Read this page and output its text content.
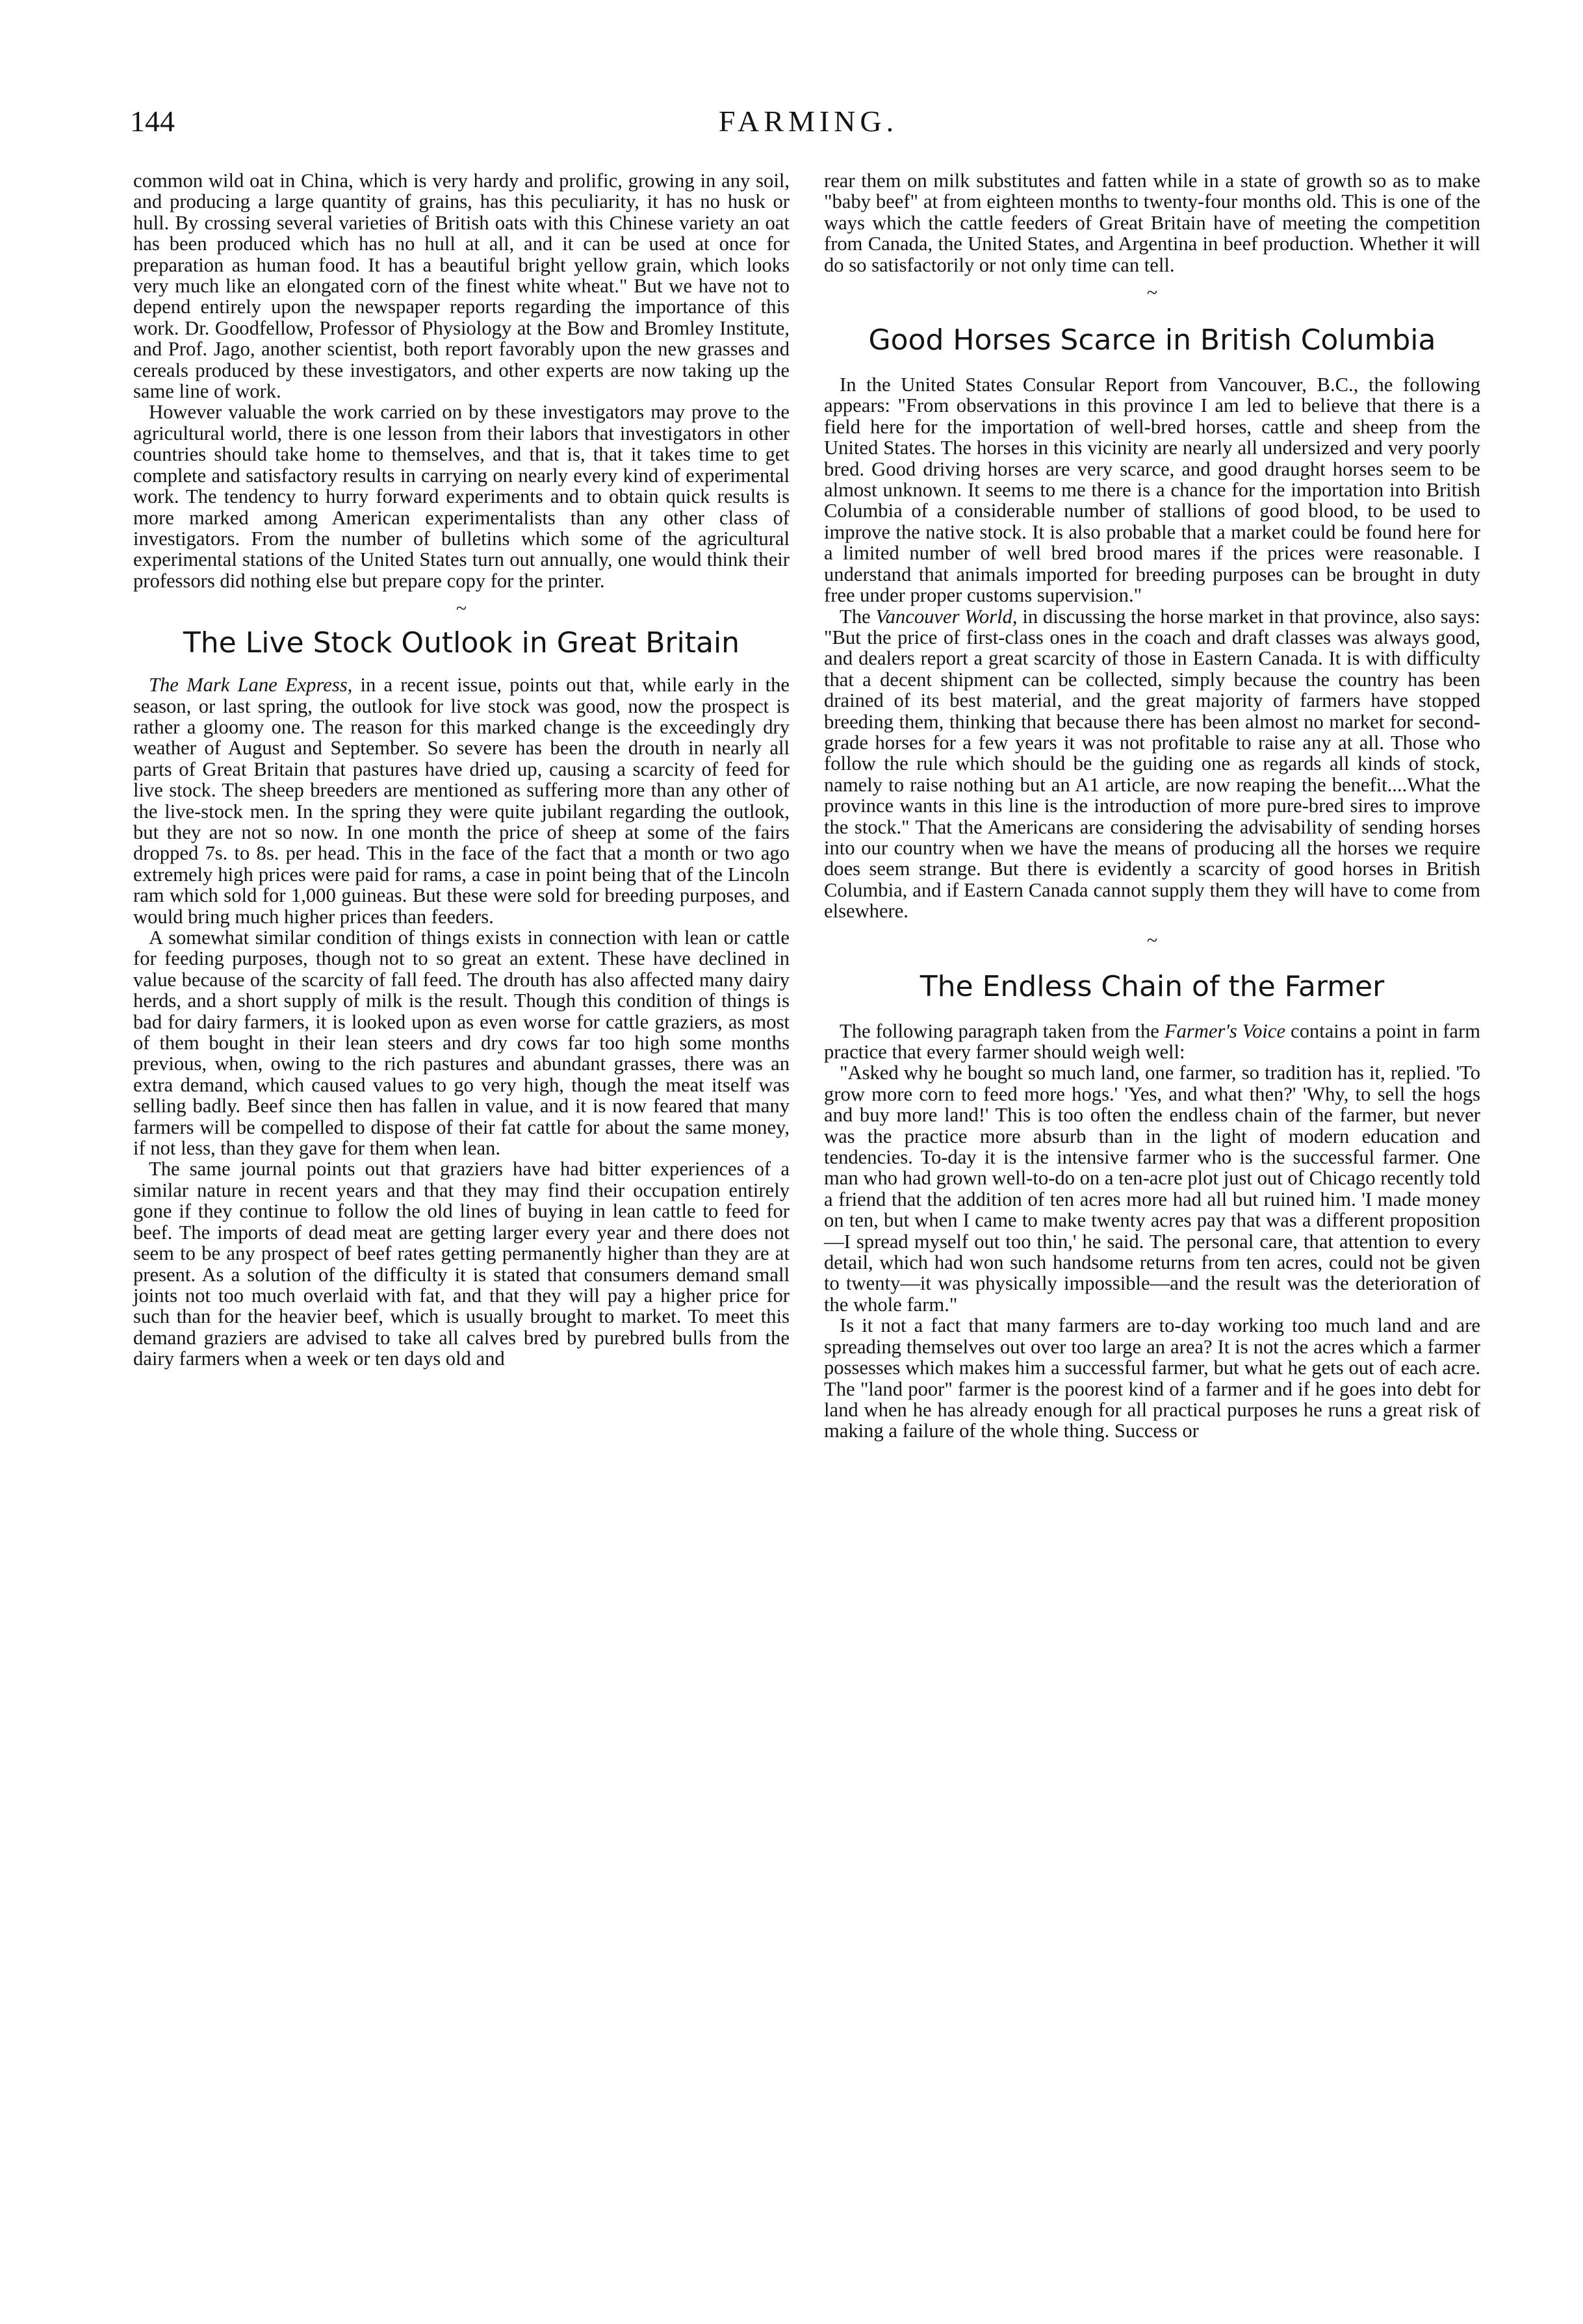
144	FARMING.

common wild oat in China, which is very hardy and prolific, growing in any soil, and producing a large quantity of grains, has this peculiarity, it has no husk or hull. By crossing several varieties of British oats with this Chinese variety an oat has been produced which has no hull at all, and it can be used at once for preparation as human food. It has a beautiful bright yellow grain, which looks very much like an elongated corn of the finest white wheat." But we have not to depend entirely upon the newspaper reports regarding the importance of this work. Dr. Goodfellow, Professor of Physiology at the Bow and Bromley Institute, and Prof. Jago, another scientist, both report favorably upon the new grasses and cereals produced by these investigators, and other experts are now taking up the same line of work.

However valuable the work carried on by these investigators may prove to the agricultural world, there is one lesson from their labors that investigators in other countries should take home to themselves, and that is, that it takes time to get complete and satisfactory results in carrying on nearly every kind of experimental work. The tendency to hurry forward experiments and to obtain quick results is more marked among American experimentalists than any other class of investigators. From the number of bulletins which some of the agricultural experimental stations of the United States turn out annually, one would think their professors did nothing else but prepare copy for the printer.

~
The Live Stock Outlook in Great Britain

The Mark Lane Express, in a recent issue, points out that, while early in the season, or last spring, the outlook for live stock was good, now the prospect is rather a gloomy one. The reason for this marked change is the exceedingly dry weather of August and September. So severe has been the drouth in nearly all parts of Great Britain that pastures have dried up, causing a scarcity of feed for live stock. The sheep breeders are mentioned as suffering more than any other of the live-stock men. In the spring they were quite jubilant regarding the outlook, but they are not so now. In one month the price of sheep at some of the fairs dropped 7s. to 8s. per head. This in the face of the fact that a month or two ago extremely high prices were paid for rams, a case in point being that of the Lincoln ram which sold for 1,000 guineas. But these were sold for breeding purposes, and would bring much higher prices than feeders.

A somewhat similar condition of things exists in connection with lean or cattle for feeding purposes, though not to so great an extent. These have declined in value because of the scarcity of fall feed. The drouth has also affected many dairy herds, and a short supply of milk is the result. Though this condition of things is bad for dairy farmers, it is looked upon as even worse for cattle graziers, as most of them bought in their lean steers and dry cows far too high some months previous, when, owing to the rich pastures and abundant grasses, there was an extra demand, which caused values to go very high, though the meat itself was selling badly. Beef since then has fallen in value, and it is now feared that many farmers will be compelled to dispose of their fat cattle for about the same money, if not less, than they gave for them when lean.

The same journal points out that graziers have had bitter experiences of a similar nature in recent years and that they may find their occupation entirely gone if they continue to follow the old lines of buying in lean cattle to feed for beef. The imports of dead meat are getting larger every year and there does not seem to be any prospect of beef rates getting permanently higher than they are at present. As a solution of the difficulty it is stated that consumers demand small joints not too much overlaid with fat, and that they will pay a higher price for such than for the heavier beef, which is usually brought to market. To meet this demand graziers are advised to take all calves bred by purebred bulls from the dairy farmers when a week or ten days old and

rear them on milk substitutes and fatten while in a state of growth so as to make "baby beef" at from eighteen months to twenty-four months old. This is one of the ways which the cattle feeders of Great Britain have of meeting the competition from Canada, the United States, and Argentina in beef production. Whether it will do so satisfactorily or not only time can tell.

~
Good Horses Scarce in British Columbia

In the United States Consular Report from Vancouver, B.C., the following appears: "From observations in this province I am led to believe that there is a field here for the importation of well-bred horses, cattle and sheep from the United States. The horses in this vicinity are nearly all undersized and very poorly bred. Good driving horses are very scarce, and good draught horses seem to be almost unknown. It seems to me there is a chance for the importation into British Columbia of a considerable number of stallions of good blood, to be used to improve the native stock. It is also probable that a market could be found here for a limited number of well bred brood mares if the prices were reasonable. I understand that animals imported for breeding purposes can be brought in duty free under proper customs supervision."

The Vancouver World, in discussing the horse market in that province, also says: "But the price of first-class ones in the coach and draft classes was always good, and dealers report a great scarcity of those in Eastern Canada. It is with difficulty that a decent shipment can be collected, simply because the country has been drained of its best material, and the great majority of farmers have stopped breeding them, thinking that because there has been almost no market for second-grade horses for a few years it was not profitable to raise any at all. Those who follow the rule which should be the guiding one as regards all kinds of stock, namely to raise nothing but an A1 article, are now reaping the benefit....What the province wants in this line is the introduction of more pure-bred sires to improve the stock." That the Americans are considering the advisability of sending horses into our country when we have the means of producing all the horses we require does seem strange. But there is evidently a scarcity of good horses in British Columbia, and if Eastern Canada cannot supply them they will have to come from elsewhere.

~
The Endless Chain of the Farmer

The following paragraph taken from the Farmer's Voice contains a point in farm practice that every farmer should weigh well:

"Asked why he bought so much land, one farmer, so tradition has it, replied. 'To grow more corn to feed more hogs.' 'Yes, and what then?' 'Why, to sell the hogs and buy more land!' This is too often the endless chain of the farmer, but never was the practice more absurb than in the light of modern education and tendencies. To-day it is the intensive farmer who is the successful farmer. One man who had grown well-to-do on a ten-acre plot just out of Chicago recently told a friend that the addition of ten acres more had all but ruined him. 'I made money on ten, but when I came to make twenty acres pay that was a different proposition—I spread myself out too thin,' he said. The personal care, that attention to every detail, which had won such handsome returns from ten acres, could not be given to twenty—it was physically impossible—and the result was the deterioration of the whole farm."

Is it not a fact that many farmers are to-day working too much land and are spreading themselves out over too large an area? It is not the acres which a farmer possesses which makes him a successful farmer, but what he gets out of each acre. The "land poor" farmer is the poorest kind of a farmer and if he goes into debt for land when he has already enough for all practical purposes he runs a great risk of making a failure of the whole thing. Success or
